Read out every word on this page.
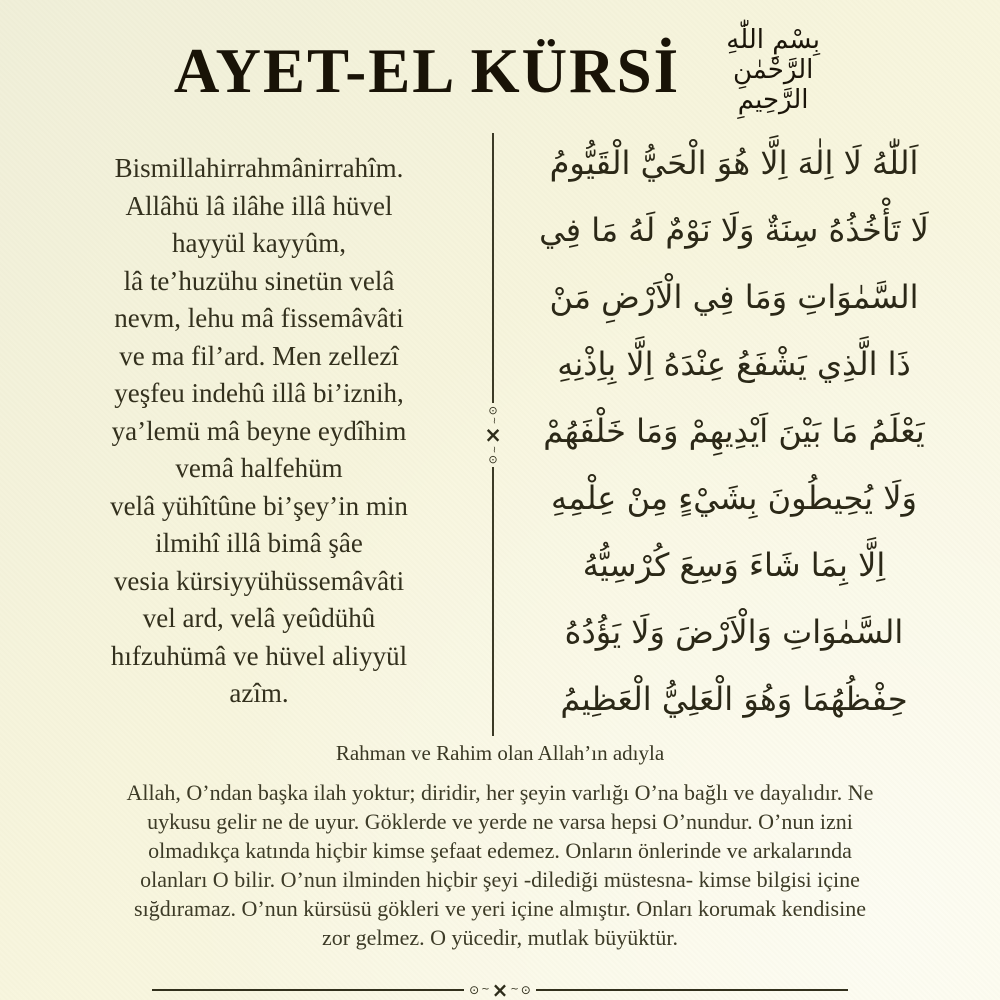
AYET-EL KÜRSİ بِسْمِ اللّٰهِ الرَّحْمٰنِ الرَّحِيمِ
Bismillahirrahmânirrahîm.
Allâhü lâ ilâhe illâ hüvel
hayyül kayyûm,
lâ te’huzühu sinetün velâ
nevm, lehu mâ fissemâvâti
ve ma fil’ard. Men zellezî
yeşfeu indehû illâ bi’iznih,
ya’lemü mâ beyne eydîhim
vemâ halfehüm
velâ yühîtûne bi’şey’in min
ilmihî illâ bimâ şâe
vesia kürsiyyühüssemâvâti
vel ard, velâ yeûdühû
hıfzuhümâ ve hüvel aliyyül
azîm.
⊙
~
×
~
⊙
اَللّٰهُ لَا اِلٰهَ اِلَّا هُوَ الْحَيُّ الْقَيُّومُ
لَا تَأْخُذُهُ سِنَةٌ وَلَا نَوْمٌ لَهُ مَا فِي
السَّمٰوَاتِ وَمَا فِي الْاَرْضِ مَنْ
ذَا الَّذِي يَشْفَعُ عِنْدَهُ اِلَّا بِاِذْنِهِ
يَعْلَمُ مَا بَيْنَ اَيْدِيهِمْ وَمَا خَلْفَهُمْ
وَلَا يُحِيطُونَ بِشَيْءٍ مِنْ عِلْمِهِ
اِلَّا بِمَا شَاءَ وَسِعَ كُرْسِيُّهُ
السَّمٰوَاتِ وَالْاَرْضَ وَلَا يَؤُدُهُ
حِفْظُهُمَا وَهُوَ الْعَلِيُّ الْعَظِيمُ
Rahman ve Rahim olan Allah’ın adıyla

Allah, O’ndan başka ilah yoktur; diridir, her şeyin varlığı O’na bağlı ve dayalıdır. Ne uykusu gelir ne de uyur. Göklerde ve yerde ne varsa hepsi O’nundur. O’nun izni olmadıkça katında hiçbir kimse şefaat edemez. Onların önlerinde ve arkalarında olanları O bilir. O’nun ilminden hiçbir şeyi -dilediği müstesna- kimse bilgisi içine sığdıramaz. O’nun kürsüsü gökleri ve yeri içine almıştır. Onları korumak kendisine zor gelmez. O yücedir, mutlak büyüktür.

⊙ ~ × ~ ⊙
